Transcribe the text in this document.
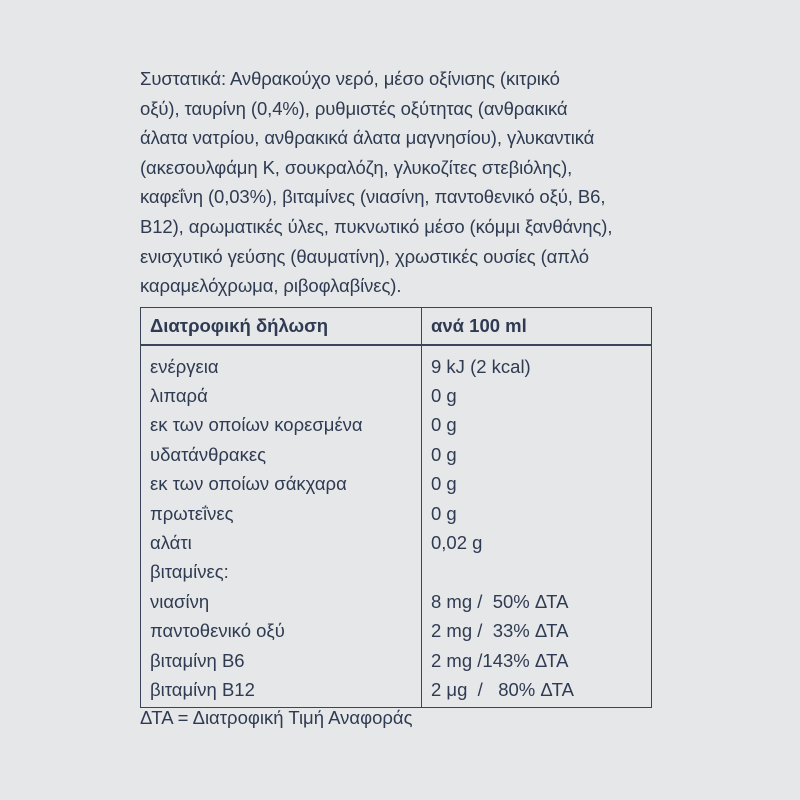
Συστατικά: Ανθρακούχο νερό, μέσο οξίνισης (κιτρικό
οξύ), ταυρίνη (0,4%), ρυθμιστές οξύτητας (ανθρακικά
άλατα νατρίου, ανθρακικά άλατα μαγνησίου), γλυκαντικά
(ακεσουλφάμη Κ, σουκραλόζη, γλυκοζίτες στεβιόλης),
καφεΐνη (0,03%), βιταμίνες (νιασίνη, παντοθενικό οξύ, Β6,
Β12), αρωματικές ύλες, πυκνωτικό μέσο (κόμμι ξανθάνης),
ενισχυτικό γεύσης (θαυματίνη), χρωστικές ουσίες (απλό
καραμελόχρωμα, ριβοφλαβίνες).
Διατροφική δήλωση	ανά 100 ml
ενέργεια	9 kJ (2 kcal)
λιπαρά	0 g
εκ των οποίων κορεσμένα	0 g
υδατάνθρακες	0 g
εκ των οποίων σάκχαρα	0 g
πρωτεΐνες	0 g
αλάτι	0,02 g
βιταμίνες:	
νιασίνη	8 mg /  50% ΔΤΑ
παντοθενικό οξύ	2 mg /  33% ΔΤΑ
βιταμίνη Β6	2 mg /143% ΔΤΑ
βιταμίνη Β12	2 μg  /   80% ΔΤΑ

ΔΤΑ = Διατροφική Τιμή Αναφοράς
